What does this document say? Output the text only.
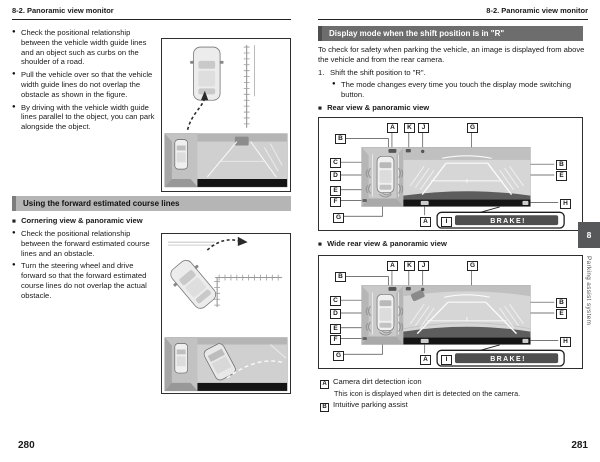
8-2. Panoramic view monitor
● Check the positional relationship between the vehicle width guide lines and an object such as curbs on the shoulder of a road.
● Pull the vehicle over so that the vehicle width guide lines do not overlap the obstacle as shown in the figure.
● By driving with the vehicle width guide lines parallel to the object, you can park alongside the object.
Using the forward estimated course lines
■ Cornering view & panoramic view
● Check the positional relationship between the forward estimated course lines and an obstacle.
● Turn the steering wheel and drive forward so that the forward estimated course lines do not overlap the actual obstacle.
280
8-2. Panoramic view monitor
Display mode when the shift position is in "R"
To check for safety when parking the vehicle, an image is displayed from above the vehicle and from the rear camera.
1. Shift the shift position to "R".
● The mode changes every time you touch the display mode switching button.
■ Rear view & panoramic view
A	K	J	G
B
C
D
E
F
G
B
E
H
A	I	BRAKE!
■ Wide rear view & panoramic view
A	K	J	G
B
C
D
E
F
G
B
E
H
A	I	BRAKE!
A Camera dirt detection icon
This icon is displayed when dirt is detected on the camera.
B Intuitive parking assist
8
Parking assist system
281
